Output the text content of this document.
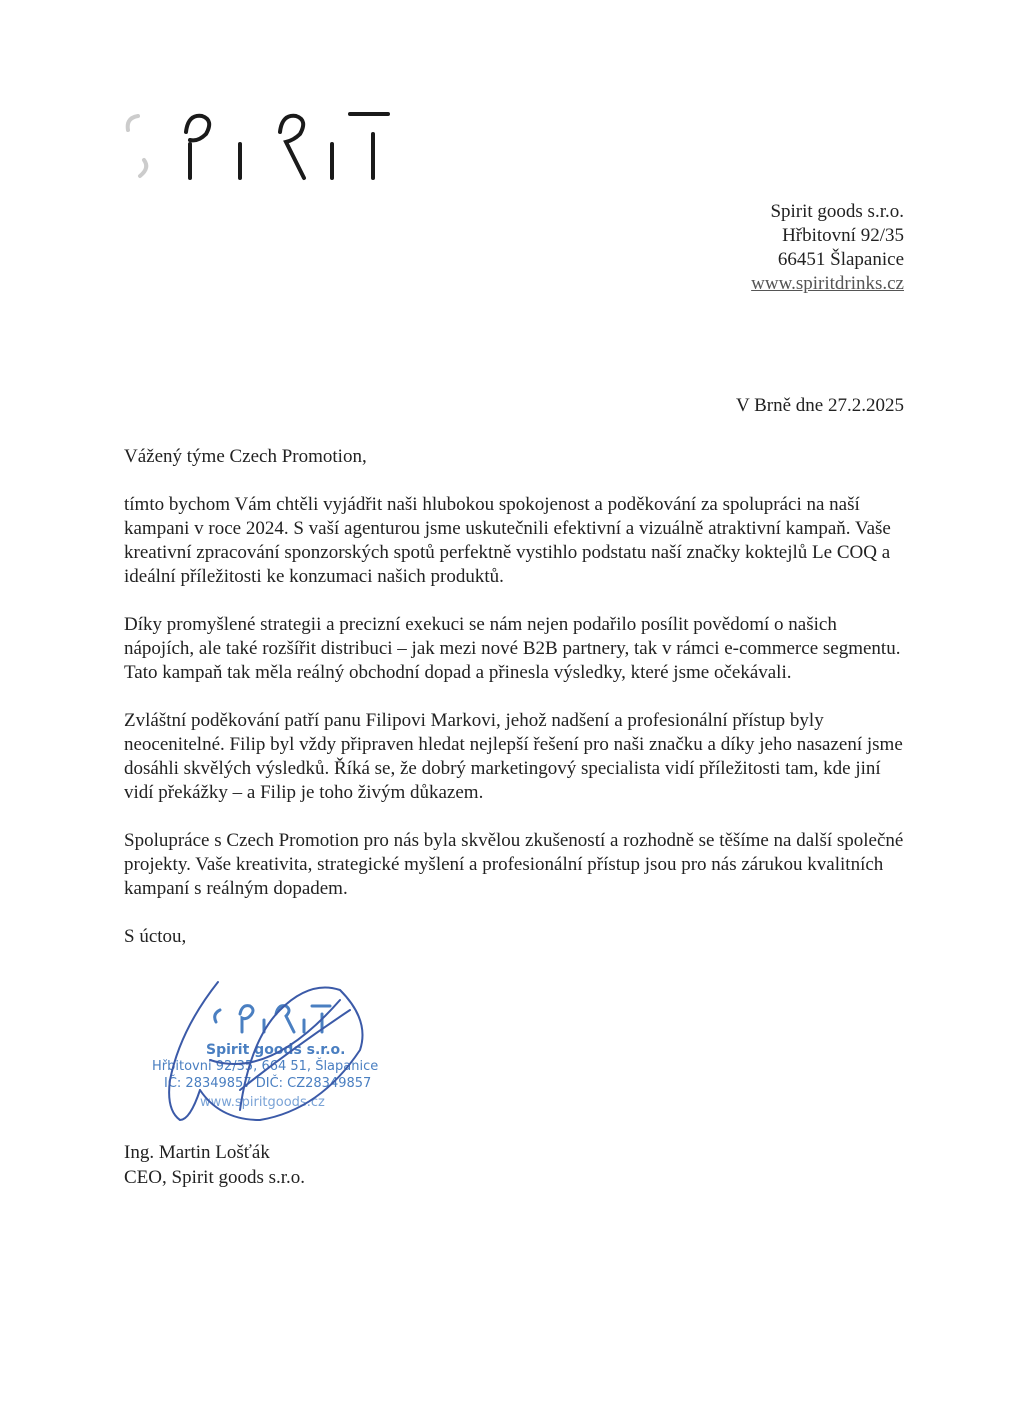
Spirit goods s.r.o.
Hřbitovní 92/35
66451 Šlapanice
www.spiritdrinks.cz
V Brně dne 27.2.2025

Vážený týme Czech Promotion,

tímto bychom Vám chtěli vyjádřit naši hlubokou spokojenost a poděkování za spolupráci na naší kampani v roce 2024. S vaší agenturou jsme uskutečnili efektivní a vizuálně atraktivní kampaň. Vaše kreativní zpracování sponzorských spotů perfektně vystihlo podstatu naší značky koktejlů Le COQ a ideální příležitosti ke konzumaci našich produktů.

Díky promyšlené strategii a precizní exekuci se nám nejen podařilo posílit povědomí o našich nápojích, ale také rozšířit distribuci – jak mezi nové B2B partnery, tak v rámci e-commerce segmentu. Tato kampaň tak měla reálný obchodní dopad a přinesla výsledky, které jsme očekávali.

Zvláštní poděkování patří panu Filipovi Markovi, jehož nadšení a profesionální přístup byly neocenitelné. Filip byl vždy připraven hledat nejlepší řešení pro naši značku a díky jeho nasazení jsme dosáhli skvělých výsledků. Říká se, že dobrý marketingový specialista vidí příležitosti tam, kde jiní vidí překážky – a Filip je toho živým důkazem.

Spolupráce s Czech Promotion pro nás byla skvělou zkušeností a rozhodně se těšíme na další společné projekty. Vaše kreativita, strategické myšlení a profesionální přístup jsou pro nás zárukou kvalitních kampaní s reálným dopadem.

S úctou,

Spirit goods s.r.o.
Hřbitovní 92/35, 664 51, Šlapanice
IČ: 28349857 DIČ: CZ28349857
www.spiritgoods.cz
Ing. Martin Lošťák
CEO, Spirit goods s.r.o.
